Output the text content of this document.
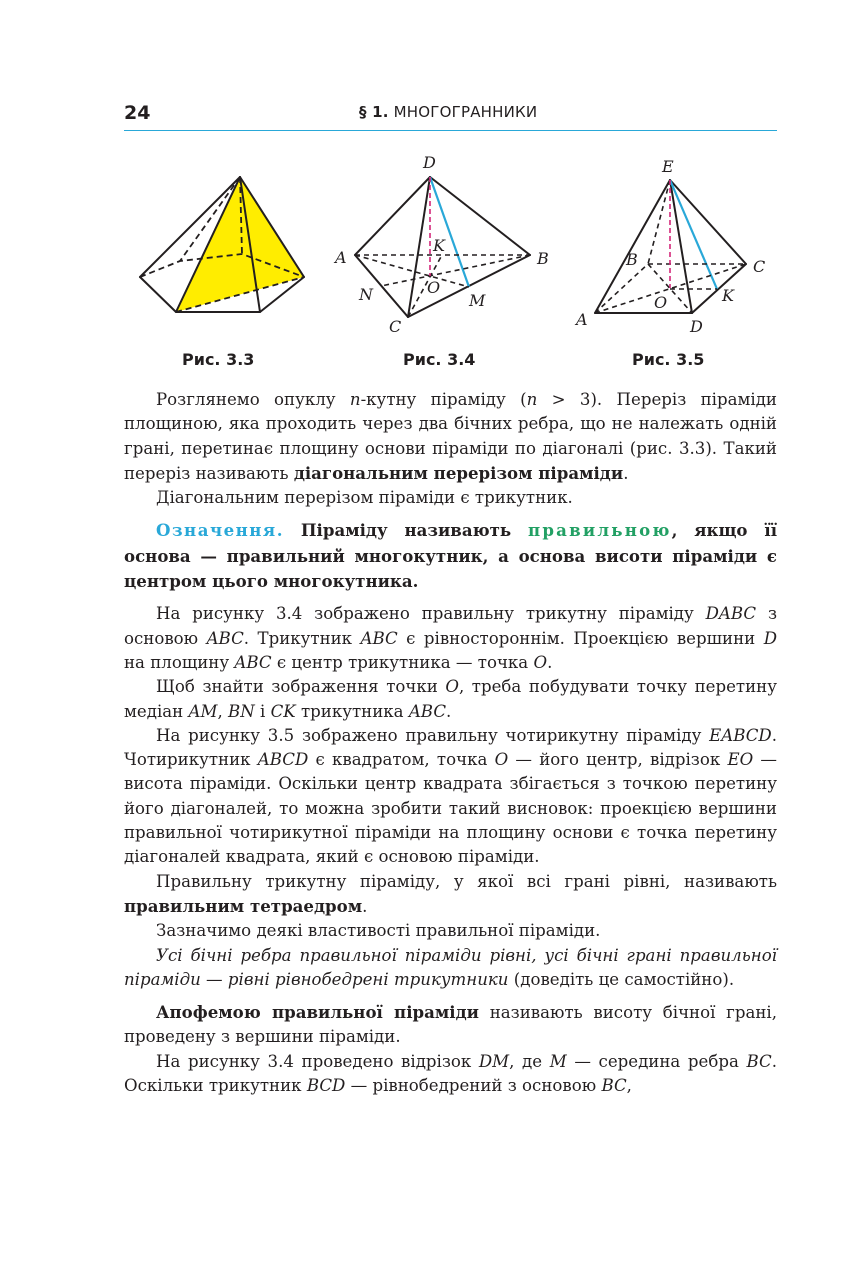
24	§ 1. МНОГОГРАННИКИ
Рис. 3.3
D
A	B
K
N	O
M
C
Рис. 3.4
E
B	C
O	K
A	D
Рис. 3.5

Розглянемо опуклу n-кутну піраміду (n > 3). Переріз піраміди площиною, яка проходить через два бічних ребра, що не належать одній грані, перетинає площину основи піраміди по діагоналі (рис. 3.3). Такий переріз називають діагональним перерізом піраміди.

Діагональним перерізом піраміди є трикутник.

Означення. Піраміду називають правильною, якщо її основа — правильний многокутник, а основа висоти піраміди є центром цього многокутника.

На рисунку 3.4 зображено правильну трикутну піраміду DABC з основою ABC. Трикутник ABC є рівностороннім. Проекцією вершини D на площину ABC є центр трикутника — точка O.

Щоб знайти зображення точки O, треба побудувати точку перетину медіан AM, BN і CK трикутника ABC.

На рисунку 3.5 зображено правильну чотирикутну піраміду EABCD. Чотирикутник ABCD є квадратом, точка O — його центр, відрізок EO — висота піраміди. Оскільки центр квадрата збігається з точкою перетину його діагоналей, то можна зробити такий висновок: проекцією вершини правильної чотирикутної піраміди на площину основи є точка перетину діагоналей квадрата, який є основою піраміди.

Правильну трикутну піраміду, у якої всі грані рівні, називають правильним тетраедром.

Зазначимо деякі властивості правильної піраміди.

Усі бічні ребра правильної піраміди рівні, усі бічні грані правильної піраміди — рівні рівнобедрені трикутники (доведіть це самостійно).

Апофемою правильної піраміди називають висоту бічної грані, проведену з вершини піраміди.

На рисунку 3.4 проведено відрізок DM, де M — середина ребра BC. Оскільки трикутник BCD — рівнобедрений з основою BC,
